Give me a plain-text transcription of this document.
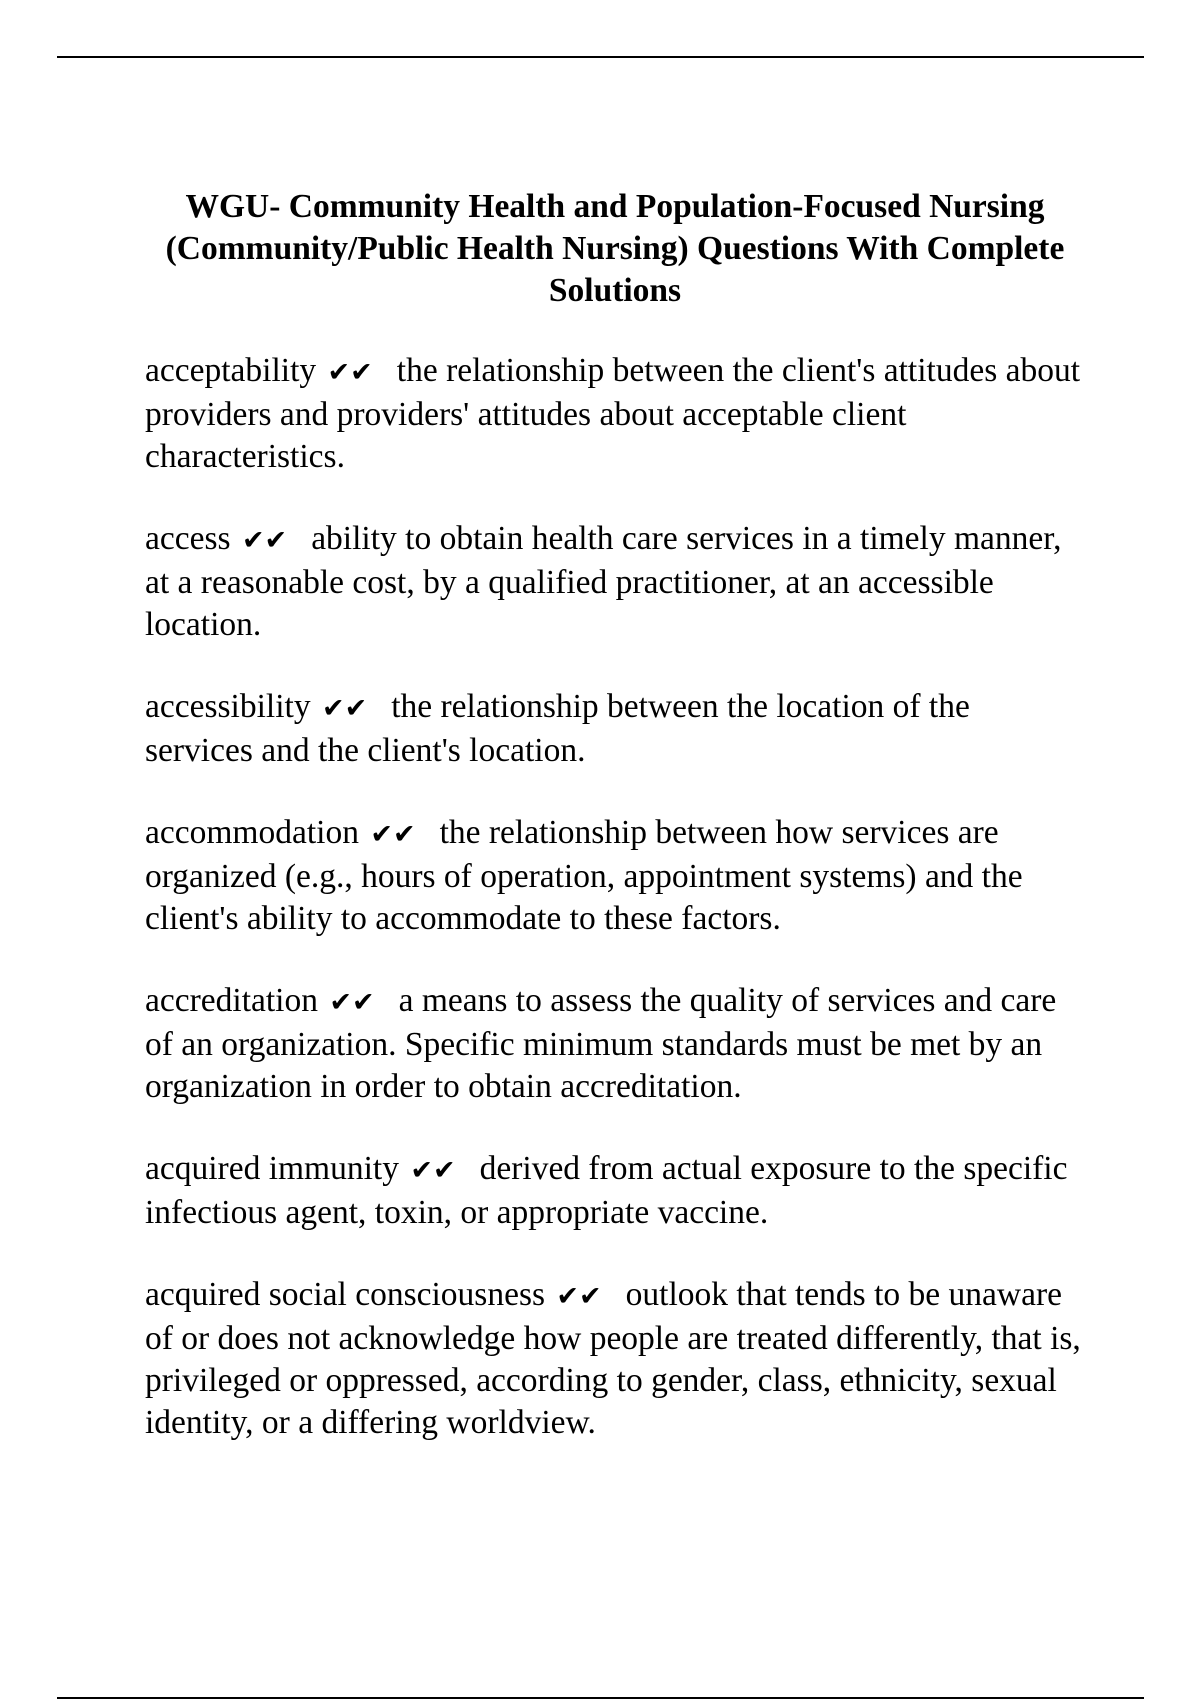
WGU- Community Health and Population-Focused Nursing (Community/Public Health Nursing) Questions With Complete Solutions

acceptability ✔✔ the relationship between the client's attitudes about providers and providers' attitudes about acceptable client characteristics.

access ✔✔ ability to obtain health care services in a timely manner, at a reasonable cost, by a qualified practitioner, at an accessible location.

accessibility ✔✔ the relationship between the location of the services and the client's location.

accommodation ✔✔ the relationship between how services are organized (e.g., hours of operation, appointment systems) and the client's ability to accommodate to these factors.

accreditation ✔✔ a means to assess the quality of services and care of an organization. Specific minimum standards must be met by an organization in order to obtain accreditation.

acquired immunity ✔✔ derived from actual exposure to the specific infectious agent, toxin, or appropriate vaccine.

acquired social consciousness ✔✔ outlook that tends to be unaware of or does not acknowledge how people are treated differently, that is, privileged or oppressed, according to gender, class, ethnicity, sexual identity, or a differing worldview.
